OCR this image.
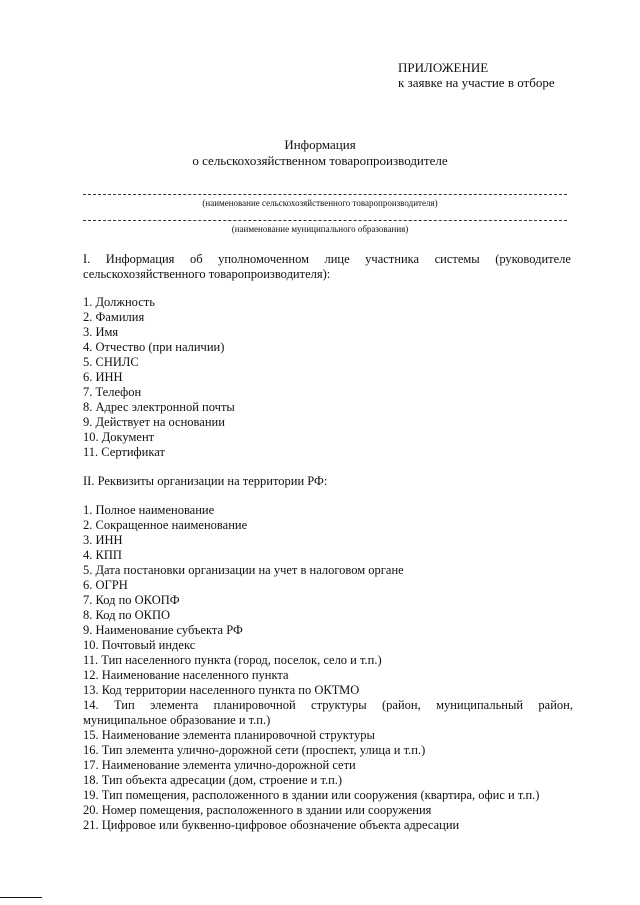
ПРИЛОЖЕНИЕ
к заявке на участие в отборе
Информация
о сельскохозяйственном товаропроизводителе
(наименование сельскохозяйственного товаропроизводителя)
(наименование муниципального образования)
I. Информация об уполномоченном лице участника системы (руководителе
сельскохозяйственного товаропроизводителя):
1. Должность
2. Фамилия
3. Имя
4. Отчество (при наличии)
5. СНИЛС
6. ИНН
7. Телефон
8. Адрес электронной почты
9. Действует на основании
10. Документ
11. Сертификат
II. Реквизиты организации на территории РФ:
1. Полное наименование
2. Сокращенное наименование
3. ИНН
4. КПП
5. Дата постановки организации на учет в налоговом органе
6. ОГРН
7. Код по ОКОПФ
8. Код по ОКПО
9. Наименование субъекта РФ
10. Почтовый индекс
11. Тип населенного пункта (город, поселок, село и т.п.)
12. Наименование населенного пункта
13. Код территории населенного пункта по ОКТМО
14. Тип элемента планировочной структуры (район, муниципальный район,
муниципальное образование и т.п.)
15. Наименование элемента планировочной структуры
16. Тип элемента улично-дорожной сети (проспект, улица и т.п.)
17. Наименование элемента улично-дорожной сети
18. Тип объекта адресации (дом, строение и т.п.)
19. Тип помещения, расположенного в здании или сооружения (квартира, офис и т.п.)
20. Номер помещения, расположенного в здании или сооружения
21. Цифровое или буквенно-цифровое обозначение объекта адресации
